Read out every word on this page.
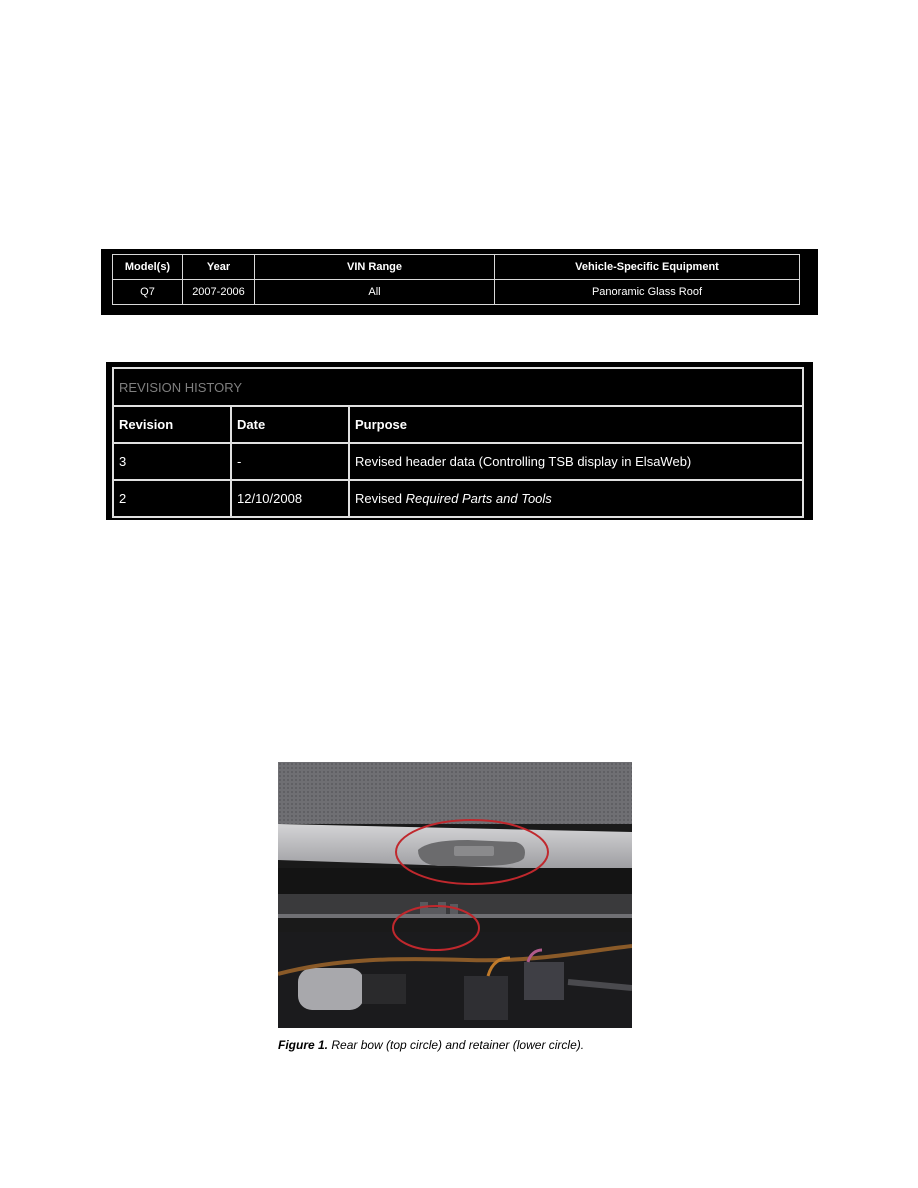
Model(s)	Year	VIN Range	Vehicle-Specific Equipment
Q7	2007-2006	All	Panoramic Glass Roof
REVISION HISTORY		
Revision	Date	Purpose
3	-	Revised header data (Controlling TSB display in ElsaWeb)
2	12/10/2008	Revised Required Parts and Tools
Figure 1. Rear bow (top circle) and retainer (lower circle).
